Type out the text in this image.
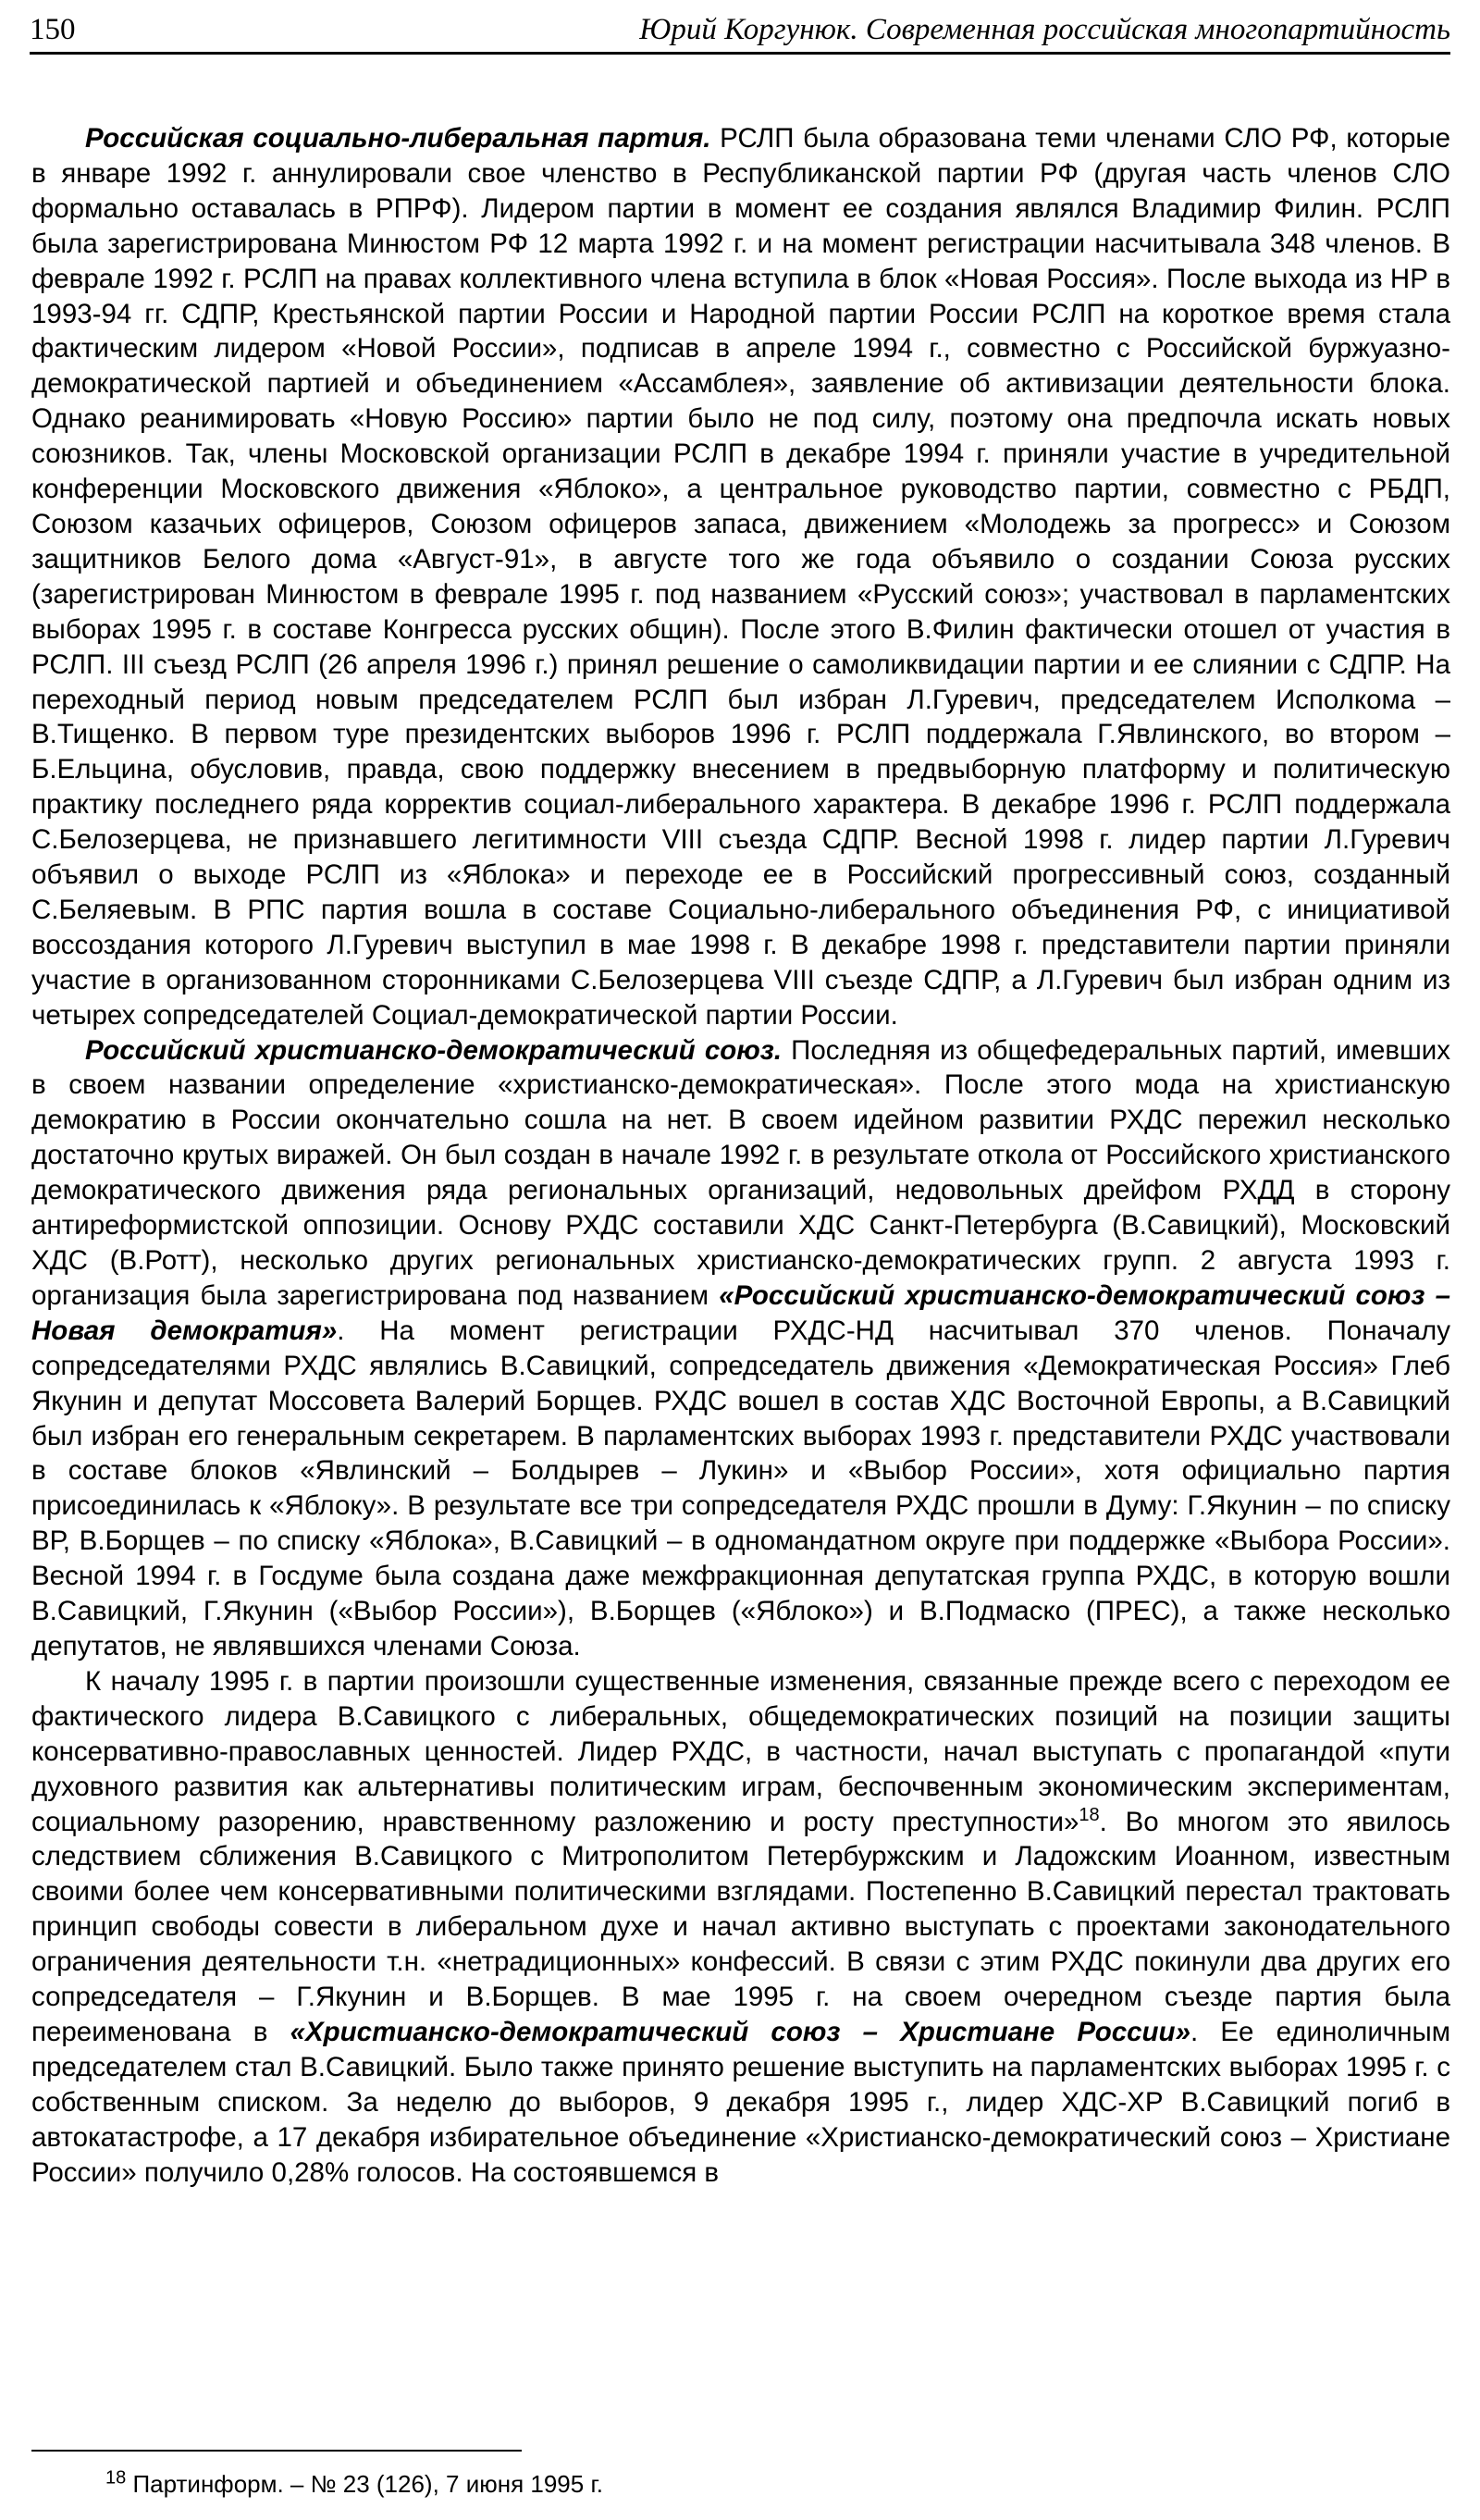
150	Юрий Коргунюк. Современная российская многопартийность

Российская социально-либеральная партия. РСЛП была образована теми членами СЛО РФ, которые в январе 1992 г. аннулировали свое членство в Республиканской партии РФ (другая часть членов СЛО формально оставалась в РПРФ). Лидером партии в момент ее создания являлся Владимир Филин. РСЛП была зарегистрирована Минюстом РФ 12 марта 1992 г. и на момент регистрации насчитывала 348 членов. В феврале 1992 г. РСЛП на правах коллективного члена вступила в блок «Новая Россия». После выхода из НР в 1993-94 гг. СДПР, Крестьянской партии России и Народной партии России РСЛП на короткое время стала фактическим лидером «Новой России», подписав в апреле 1994 г., совместно с Российской буржуазно-демократической партией и объединением «Ассамблея», заявление об активизации деятельности блока. Однако реанимировать «Новую Россию» партии было не под силу, поэтому она предпочла искать новых союзников. Так, члены Московской организации РСЛП в декабре 1994 г. приняли участие в учредительной конференции Московского движения «Яблоко», а центральное руководство партии, совместно с РБДП, Союзом казачьих офицеров, Союзом офицеров запаса, движением «Молодежь за прогресс» и Союзом защитников Белого дома «Август-91», в августе того же года объявило о создании Союза русских (зарегистрирован Минюстом в феврале 1995 г. под названием «Русский союз»; участвовал в парламентских выборах 1995 г. в составе Конгресса русских общин). После этого В.Филин фактически отошел от участия в РСЛП. III съезд РСЛП (26 апреля 1996 г.) принял решение о самоликвидации партии и ее слиянии с СДПР. На переходный период новым председателем РСЛП был избран Л.Гуревич, председателем Исполкома – В.Тищенко. В первом туре президентских выборов 1996 г. РСЛП поддержала Г.Явлинского, во втором – Б.Ельцина, обусловив, правда, свою поддержку внесением в предвыборную платформу и политическую практику последнего ряда корректив социал-либерального характера. В декабре 1996 г. РСЛП поддержала С.Белозерцева, не признавшего легитимности VIII съезда СДПР. Весной 1998 г. лидер партии Л.Гуревич объявил о выходе РСЛП из «Яблока» и переходе ее в Российский прогрессивный союз, созданный С.Беляевым. В РПС партия вошла в составе Социально-либерального объединения РФ, с инициативой воссоздания которого Л.Гуревич выступил в мае 1998 г. В декабре 1998 г. представители партии приняли участие в организованном сторонниками С.Белозерцева VIII съезде СДПР, а Л.Гуревич был избран одним из четырех сопредседателей Социал-демократической партии России.

Российский христианско-демократический союз. Последняя из общефедеральных партий, имевших в своем названии определение «христианско-демократическая». После этого мода на христианскую демократию в России окончательно сошла на нет. В своем идейном развитии РХДС пережил несколько достаточно крутых виражей. Он был создан в начале 1992 г. в результате откола от Российского христианского демократического движения ряда региональных организаций, недовольных дрейфом РХДД в сторону антиреформистской оппозиции. Основу РХДС составили ХДС Санкт-Петербурга (В.Савицкий), Московский ХДС (В.Ротт), несколько других региональных христианско-демократических групп. 2 августа 1993 г. организация была зарегистрирована под названием «Российский христианско-демократический союз – Новая демократия». На момент регистрации РХДС-НД насчитывал 370 членов. Поначалу сопредседателями РХДС являлись В.Савицкий, сопредседатель движения «Демократическая Россия» Глеб Якунин и депутат Моссовета Валерий Борщев. РХДС вошел в состав ХДС Восточной Европы, а В.Савицкий был избран его генеральным секретарем. В парламентских выборах 1993 г. представители РХДС участвовали в составе блоков «Явлинский – Болдырев – Лукин» и «Выбор России», хотя официально партия присоединилась к «Яблоку». В результате все три сопредседателя РХДС прошли в Думу: Г.Якунин – по списку ВР, В.Борщев – по списку «Яблока», В.Савицкий – в одномандатном округе при поддержке «Выбора России». Весной 1994 г. в Госдуме была создана даже межфракционная депутатская группа РХДС, в которую вошли В.Савицкий, Г.Якунин («Выбор России»), В.Борщев («Яблоко») и В.Подмаско (ПРЕС), а также несколько депутатов, не являвшихся членами Союза.

К началу 1995 г. в партии произошли существенные изменения, связанные прежде всего с переходом ее фактического лидера В.Савицкого с либеральных, общедемократических позиций на позиции защиты консервативно-православных ценностей. Лидер РХДС, в частности, начал выступать с пропагандой «пути духовного развития как альтернативы политическим играм, беспочвенным экономическим экспериментам, социальному разорению, нравственному разложению и росту преступности»$^{18}$. Во многом это явилось следствием сближения В.Савицкого с Митрополитом Петербуржским и Ладожским Иоанном, известным своими более чем консервативными политическими взглядами. Постепенно В.Савицкий перестал трактовать принцип свободы совести в либеральном духе и начал активно выступать с проектами законодательного ограничения деятельности т.н. «нетрадиционных» конфессий. В связи с этим РХДС покинули два других его сопредседателя – Г.Якунин и В.Борщев. В мае 1995 г. на своем очередном съезде партия была переименована в «Христианско-демократический союз – Христиане России». Ее единоличным председателем стал В.Савицкий. Было также принято решение выступить на парламентских выборах 1995 г. с собственным списком. За неделю до выборов, 9 декабря 1995 г., лидер ХДС-ХР В.Савицкий погиб в автокатастрофе, а 17 декабря избирательное объединение «Христианско-демократический союз – Христиане России» получило 0,28% голосов. На состоявшемся в

$^{18}$ Партинформ. – № 23 (126), 7 июня 1995 г.
